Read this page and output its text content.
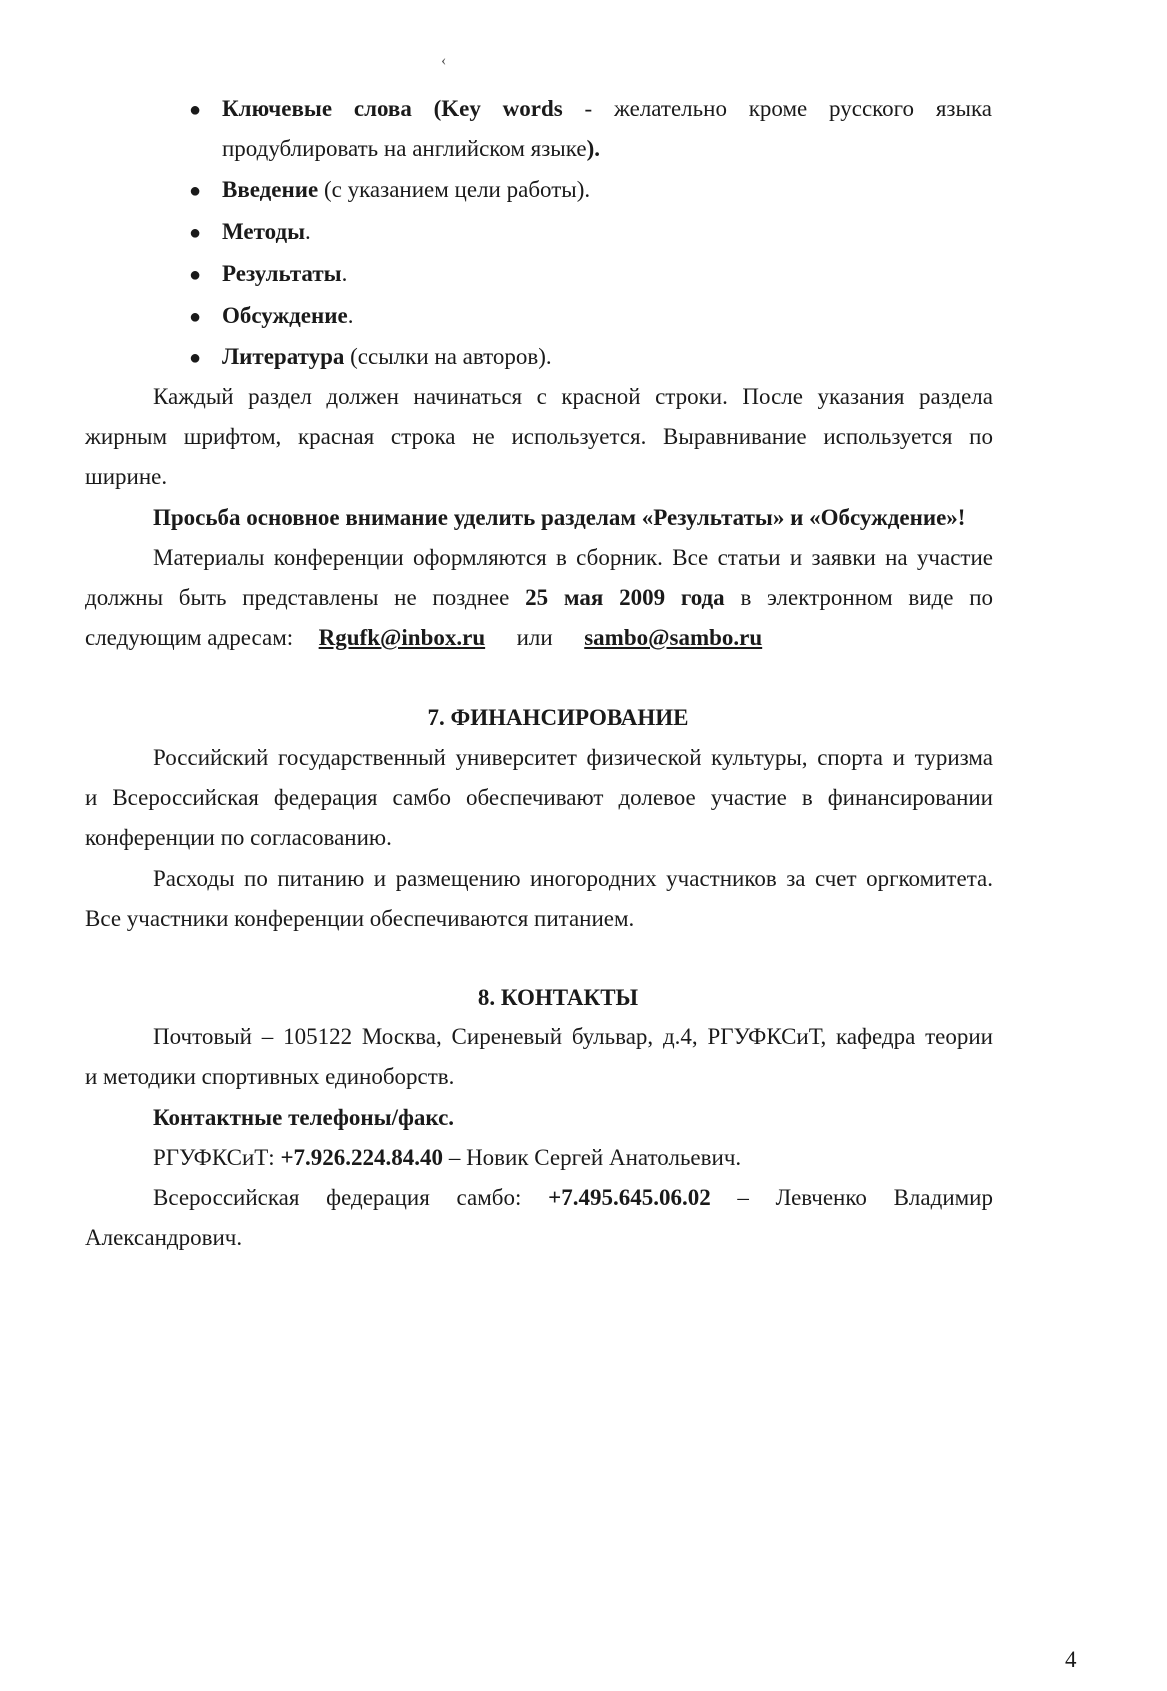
‹
● Ключевые слова (Key words - желательно кроме русского языка
продублировать на английском языке).
● Введение (с указанием цели работы).
● Методы.
● Результаты.
● Обсуждение.
● Литература (ссылки на авторов).
Каждый раздел должен начинаться с красной строки. После указания раздела
жирным шрифтом, красная строка не используется. Выравнивание используется по
ширине.
Просьба основное внимание уделить разделам «Результаты» и «Обсуждение»!
Материалы конференции оформляются в сборник. Все статьи и заявки на участие
должны быть представлены не позднее 25 мая 2009 года в электронном виде по
следующим адресам: Rgufk@inbox.ru или sambo@sambo.ru
7. ФИНАНСИРОВАНИЕ
Российский государственный университет физической культуры, спорта и туризма
и Всероссийская федерация самбо обеспечивают долевое участие в финансировании
конференции по согласованию.
Расходы по питанию и размещению иногородних участников за счет оргкомитета.
Все участники конференции обеспечиваются питанием.
8. КОНТАКТЫ
Почтовый – 105122 Москва, Сиреневый бульвар, д.4, РГУФКСиТ, кафедра теории
и методики спортивных единоборств.
Контактные телефоны/факс.
РГУФКСиТ: +7.926.224.84.40 – Новик Сергей Анатольевич.
Всероссийская федерация самбо: +7.495.645.06.02 – Левченко Владимир
Александрович.
4
